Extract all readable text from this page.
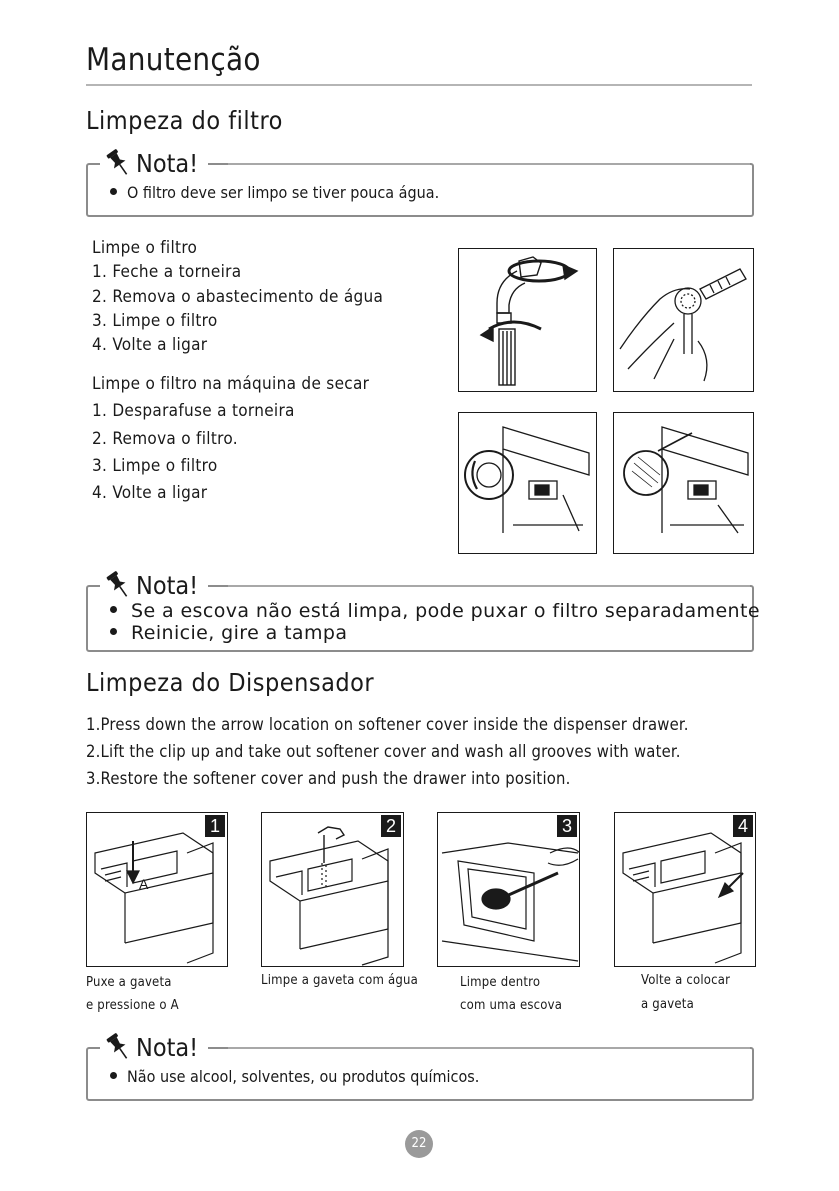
Manutenção
Limpeza do filtro
Nota!
O filtro deve ser limpo se tiver pouca água.
Limpe o filtro
1. Feche a torneira
2. Remova o abastecimento de água
3. Limpe o filtro
4. Volte a ligar
Limpe o filtro na máquina de secar
1. Desparafuse a torneira
2. Remova o filtro.
3. Limpe o filtro
4. Volte a ligar
Nota!
Se a escova não está limpa, pode puxar o filtro separadamente
Reinicie, gire a tampa
Limpeza do Dispensador
1.Press down the arrow location on softener cover inside the dispenser drawer.
2.Lift the clip up and take out softener cover and wash all grooves with water.
3.Restore the softener cover and push the drawer into position.
A
1	2	3	4
Puxe a gaveta
e pressione o A
Limpe a gaveta com água	Limpe dentro
com uma escova
Volte a colocar
a gaveta
Nota!
Não use alcool, solventes, ou produtos químicos.
22
